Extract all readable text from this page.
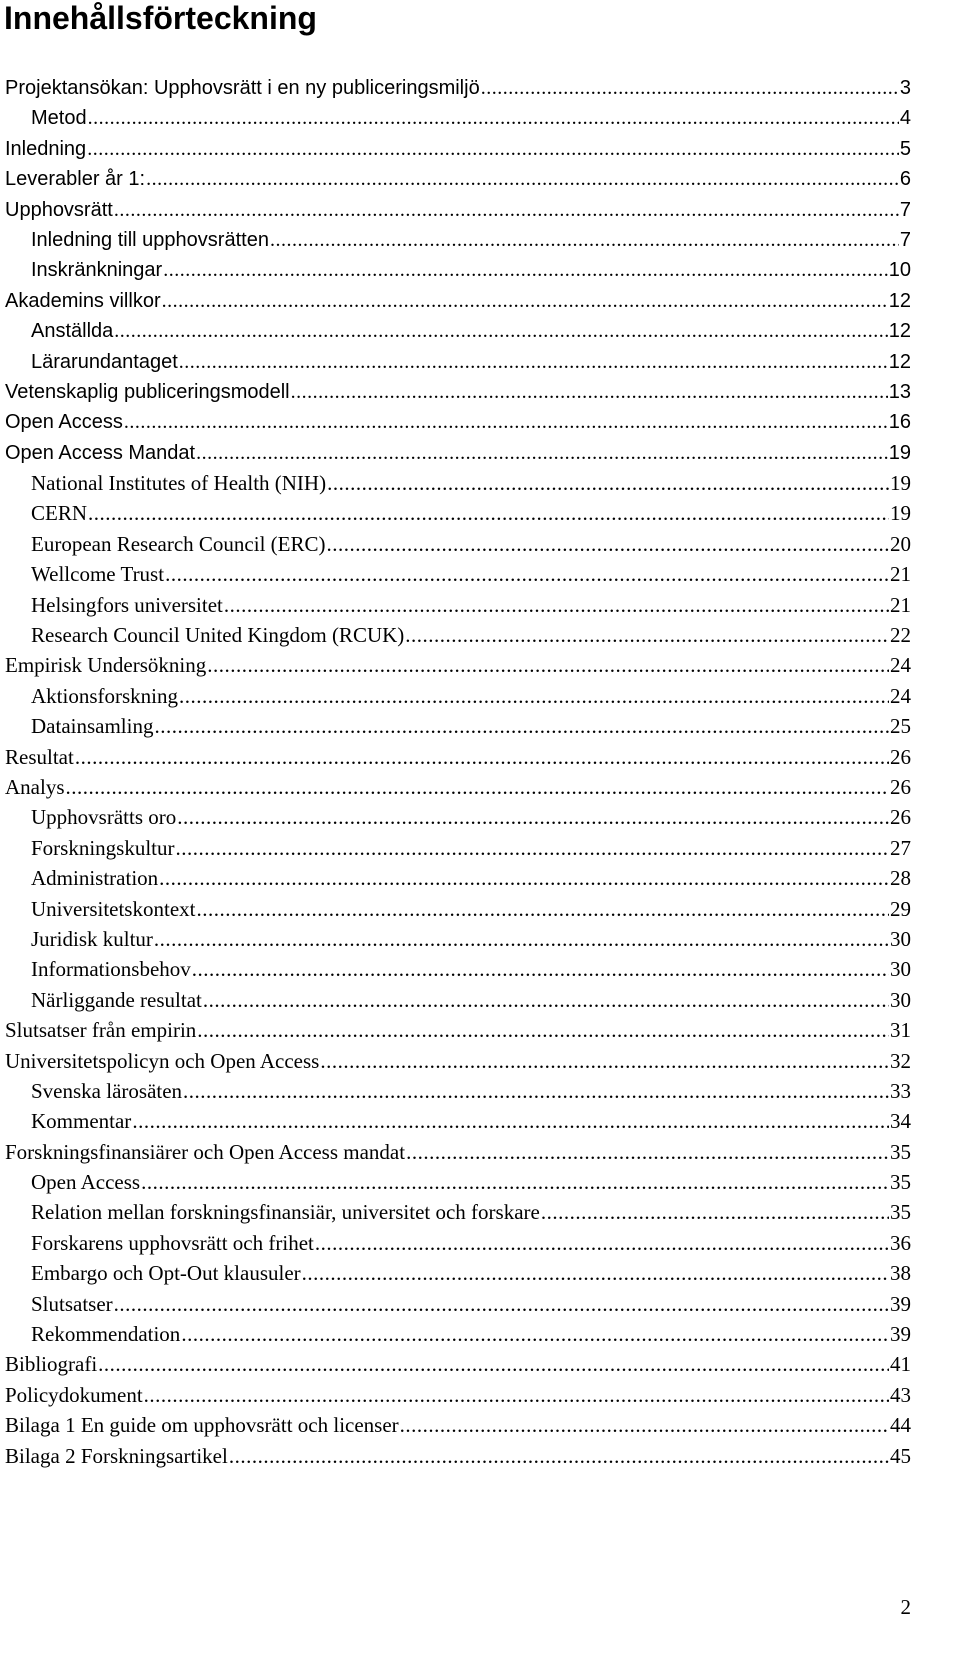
Innehållsförteckning
Projektansökan: Upphovsrätt i en ny publiceringsmiljö .....	3
Metod .....	4
Inledning .....	5
Leverabler år 1: .....	6
Upphovsrätt .....	7
Inledning till upphovsrätten .....	7
Inskränkningar .....	10
Akademins villkor .....	12
Anställda .....	12
Lärarundantaget .....	12
Vetenskaplig publiceringsmodell .....	13
Open Access .....	16
Open Access Mandat .....	19
National Institutes of Health (NIH) .....	19
CERN .....	19
European Research Council (ERC) .....	20
Wellcome Trust .....	21
Helsingfors universitet .....	21
Research Council United Kingdom (RCUK) .....	22
Empirisk Undersökning .....	24
Aktionsforskning .....	24
Datainsamling .....	25
Resultat .....	26
Analys .....	26
Upphovsrätts oro .....	26
Forskningskultur .....	27
Administration .....	28
Universitetskontext .....	29
Juridisk kultur .....	30
Informationsbehov .....	30
Närliggande resultat .....	30
Slutsatser från empirin .....	31
Universitetspolicyn och Open Access .....	32
Svenska lärosäten .....	33
Kommentar .....	34
Forskningsfinansiärer och Open Access mandat .....	35
Open Access .....	35
Relation mellan forskningsfinansiär, universitet och forskare .....	35
Forskarens upphovsrätt och frihet .....	36
Embargo och Opt-Out klausuler .....	38
Slutsatser .....	39
Rekommendation .....	39
Bibliografi .....	41
Policydokument .....	43
Bilaga 1 En guide om upphovsrätt och licenser .....	44
Bilaga 2 Forskningsartikel .....	45
2
